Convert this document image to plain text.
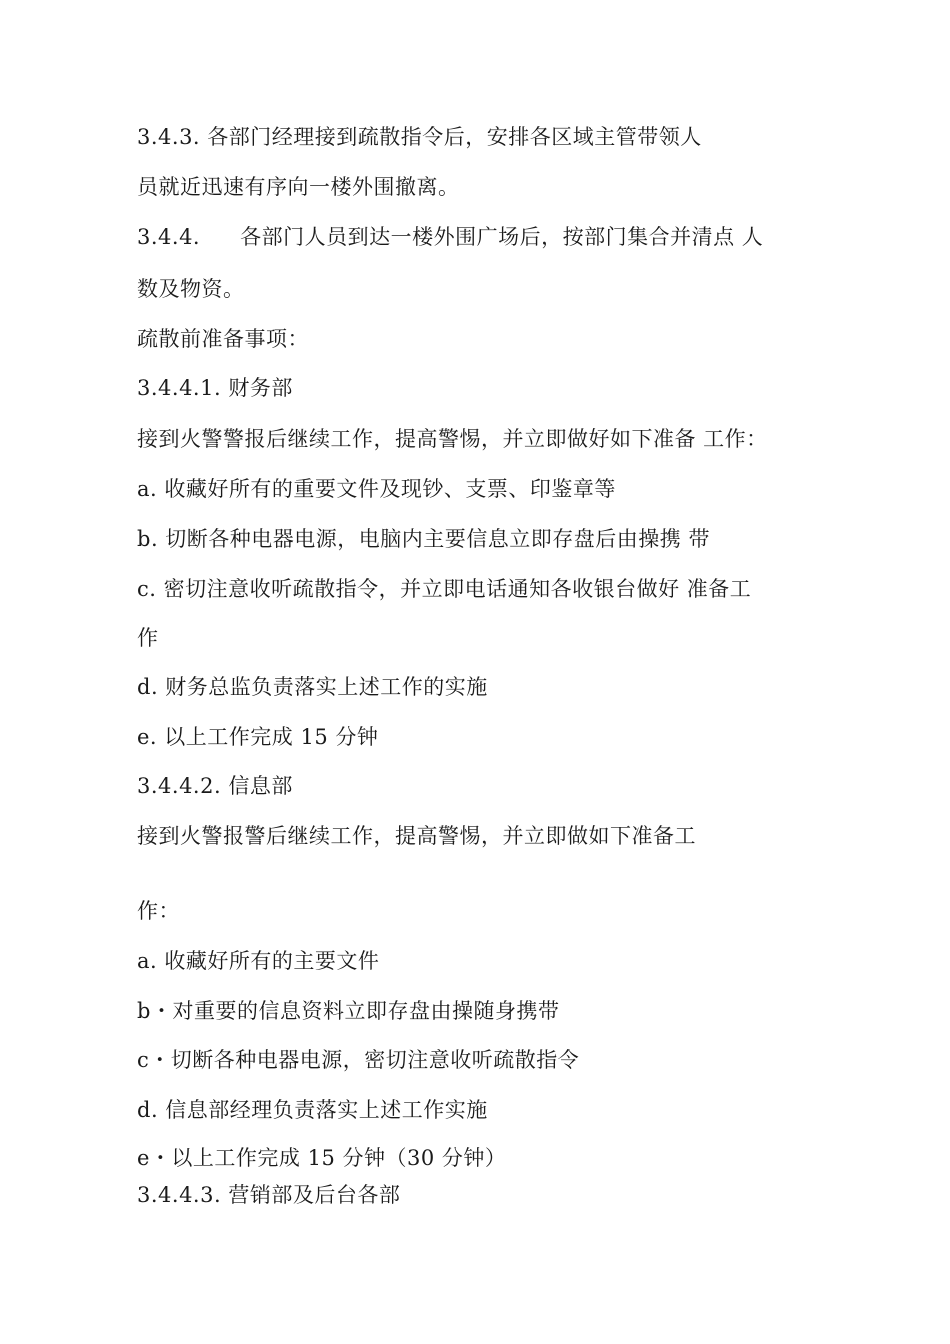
3.4.3. 各部门经理接到疏散指令后，安排各区域主管带领人

员就近迅速有序向一楼外围撤离。

3.4.4. 各部门人员到达一楼外围广场后，按部门集合并清点 人

数及物资。

疏散前准备事项：

3.4.4.1. 财务部

接到火警警报后继续工作，提高警惕，并立即做好如下准备 工作：

a. 收藏好所有的重要文件及现钞、支票、印鉴章等

b. 切断各种电器电源，电脑内主要信息立即存盘后由操携 带

c. 密切注意收听疏散指令，并立即电话通知各收银台做好 准备工

作

d. 财务总监负责落实上述工作的实施

e. 以上工作完成 15 分钟

3.4.4.2. 信息部

接到火警报警后继续工作，提高警惕，并立即做如下准备工

作：

a. 收藏好所有的主要文件

b・对重要的信息资料立即存盘由操随身携带

c・切断各种电器电源，密切注意收听疏散指令

d. 信息部经理负责落实上述工作实施

e・以上工作完成 15 分钟（30 分钟）

3.4.4.3. 营销部及后台各部
